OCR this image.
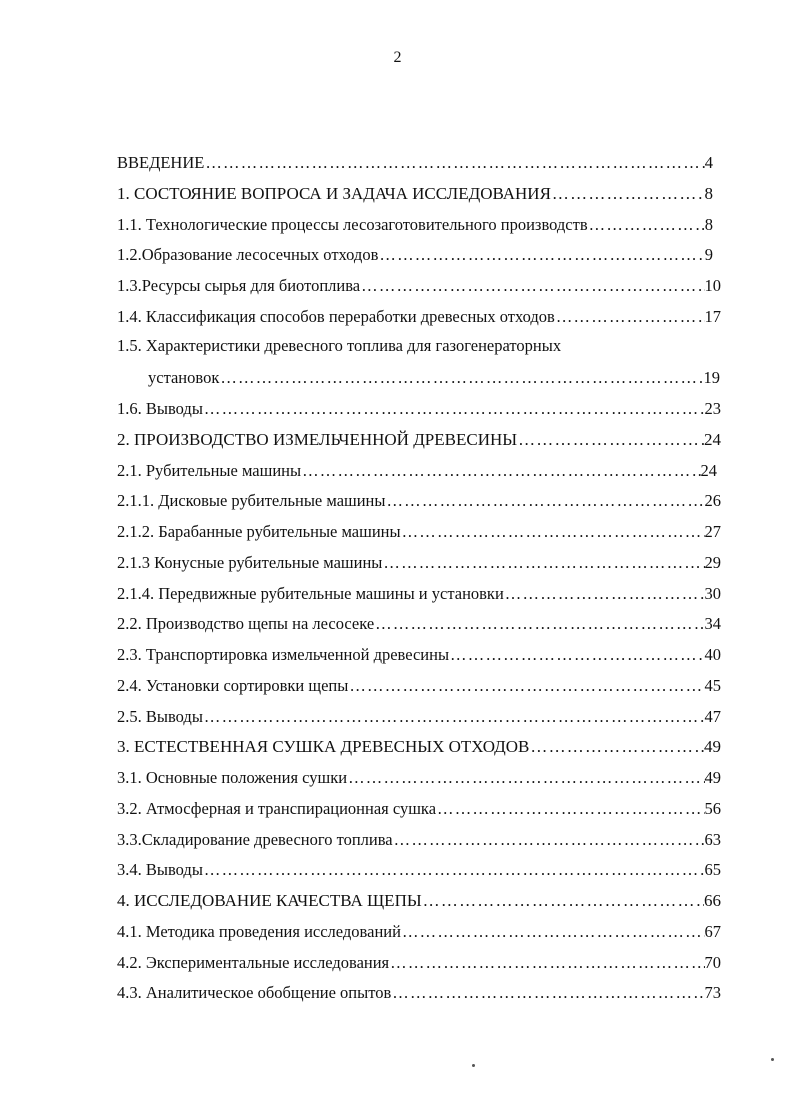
2
ВВЕДЕНИЕ …………………………………………………………………………………………………………………………………………………………………………………………	4
1. СОСТОЯНИЕ ВОПРОСА И ЗАДАЧА ИССЛЕДОВАНИЯ …………………………………………………………………………………………………………………………………………………………………………………………	8
1.1. Технологические процессы лесозаготовительного производств …………………………………………………………………………………………………………………………………………………………………………………………	8
1.2.Образование лесосечных отходов …………………………………………………………………………………………………………………………………………………………………………………………	9
1.3.Ресурсы сырья для биотоплива …………………………………………………………………………………………………………………………………………………………………………………………	10
1.4. Классификация способов переработки древесных отходов …………………………………………………………………………………………………………………………………………………………………………………………	17
1.5. Характеристики древесного топлива для газогенераторных
установок …………………………………………………………………………………………………………………………………………………………………………………………	19
1.6. Выводы …………………………………………………………………………………………………………………………………………………………………………………………	23
2. ПРОИЗВОДСТВО ИЗМЕЛЬЧЕННОЙ ДРЕВЕСИНЫ …………………………………………………………………………………………………………………………………………………………………………………………	24
2.1. Рубительные машины …………………………………………………………………………………………………………………………………………………………………………………………	24
2.1.1. Дисковые рубительные машины …………………………………………………………………………………………………………………………………………………………………………………………	26
2.1.2. Барабанные рубительные машины …………………………………………………………………………………………………………………………………………………………………………………………	27
2.1.3 Конусные рубительные машины …………………………………………………………………………………………………………………………………………………………………………………………	29
2.1.4. Передвижные рубительные машины и установки …………………………………………………………………………………………………………………………………………………………………………………………	30
2.2. Производство щепы на лесосеке …………………………………………………………………………………………………………………………………………………………………………………………	34
2.3. Транспортировка измельченной древесины …………………………………………………………………………………………………………………………………………………………………………………………	40
2.4. Установки сортировки щепы …………………………………………………………………………………………………………………………………………………………………………………………	45
2.5. Выводы …………………………………………………………………………………………………………………………………………………………………………………………	47
3. ЕСТЕСТВЕННАЯ СУШКА ДРЕВЕСНЫХ ОТХОДОВ …………………………………………………………………………………………………………………………………………………………………………………………	49
3.1. Основные положения сушки …………………………………………………………………………………………………………………………………………………………………………………………	49
3.2. Атмосферная и транспирационная сушка …………………………………………………………………………………………………………………………………………………………………………………………	56
3.3.Складирование древесного топлива …………………………………………………………………………………………………………………………………………………………………………………………	63
3.4. Выводы …………………………………………………………………………………………………………………………………………………………………………………………	65
4. ИССЛЕДОВАНИЕ КАЧЕСТВА ЩЕПЫ …………………………………………………………………………………………………………………………………………………………………………………………	66
4.1. Методика проведения исследований …………………………………………………………………………………………………………………………………………………………………………………………	67
4.2. Экспериментальные исследования …………………………………………………………………………………………………………………………………………………………………………………………	70
4.3. Аналитическое обобщение опытов …………………………………………………………………………………………………………………………………………………………………………………………	73
